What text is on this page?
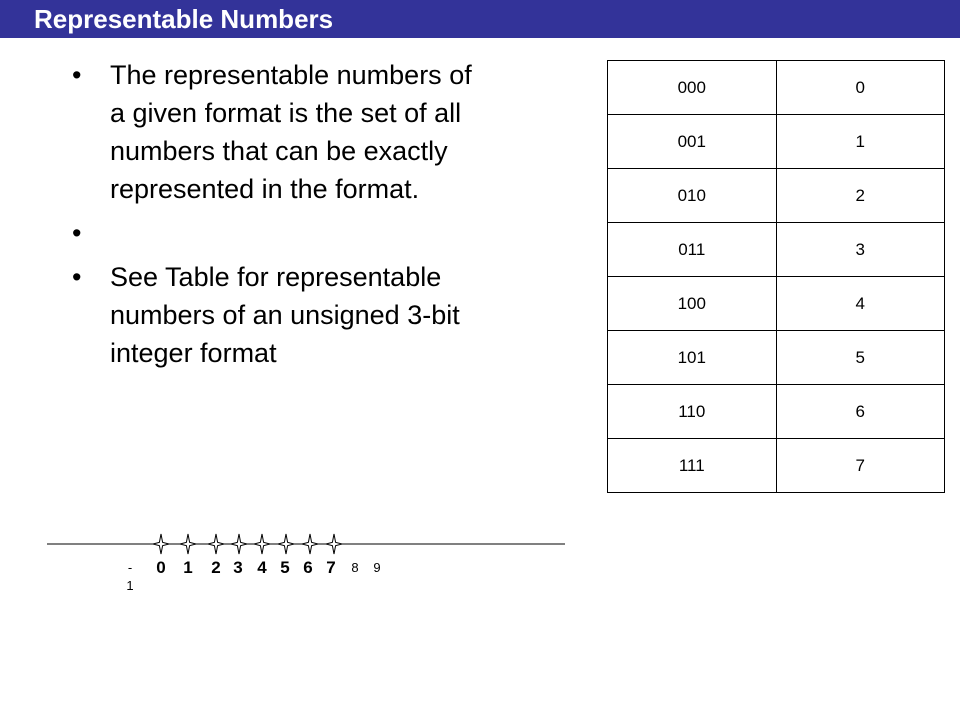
Representable Numbers
•	The representable numbers of a given format is the set of all numbers that can be exactly represented in the format.
•
•	See Table for representable numbers of an unsigned 3-bit integer format
000	0
001	1
010	2
011	3
100	4
101	5
110	6
111	7
-
1
0	1	2 3 4 5 6 7	8	9
